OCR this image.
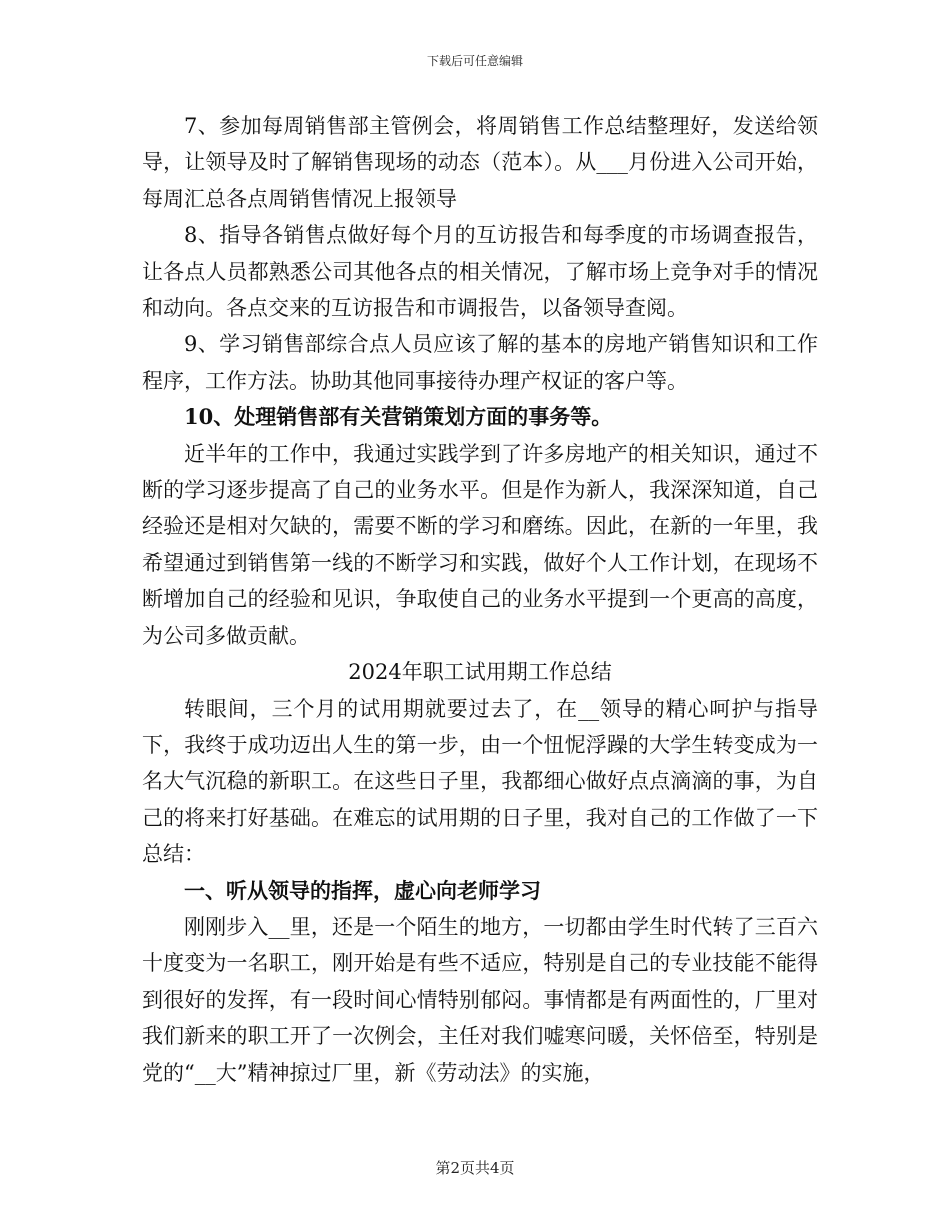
下载后可任意编辑

7、参加每周销售部主管例会，将周销售工作总结整理好，发送给领导，让领导及时了解销售现场的动态（范本）。从___月份进入公司开始，每周汇总各点周销售情况上报领导

8、指导各销售点做好每个月的互访报告和每季度的市场调查报告，让各点人员都熟悉公司其他各点的相关情况，了解市场上竞争对手的情况和动向。各点交来的互访报告和市调报告，以备领导查阅。

9、学习销售部综合点人员应该了解的基本的房地产销售知识和工作程序，工作方法。协助其他同事接待办理产权证的客户等。

10、处理销售部有关营销策划方面的事务等。

近半年的工作中，我通过实践学到了许多房地产的相关知识，通过不断的学习逐步提高了自己的业务水平。但是作为新人，我深深知道，自己经验还是相对欠缺的，需要不断的学习和磨练。因此，在新的一年里，我希望通过到销售第一线的不断学习和实践，做好个人工作计划，在现场不断增加自己的经验和见识，争取使自己的业务水平提到一个更高的高度，为公司多做贡献。

2024年职工试用期工作总结

转眼间，三个月的试用期就要过去了，在__领导的精心呵护与指导下，我终于成功迈出人生的第一步，由一个忸怩浮躁的大学生转变成为一名大气沉稳的新职工。在这些日子里，我都细心做好点点滴滴的事，为自己的将来打好基础。在难忘的试用期的日子里，我对自己的工作做了一下总结：

一、听从领导的指挥，虚心向老师学习

刚刚步入__里，还是一个陌生的地方，一切都由学生时代转了三百六十度变为一名职工，刚开始是有些不适应，特别是自己的专业技能不能得到很好的发挥，有一段时间心情特别郁闷。事情都是有两面性的，厂里对我们新来的职工开了一次例会，主任对我们嘘寒问暖，关怀倍至，特别是党的“__大”精神掠过厂里，新《劳动法》的实施，

第2页共4页
